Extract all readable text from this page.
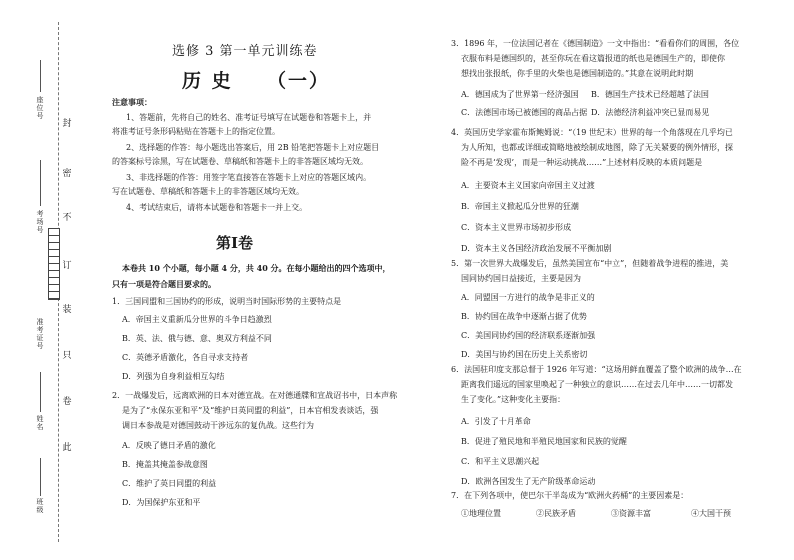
封
密
不
订
装
只
卷
此
座位号
考场号
准考证号
姓名
班级
选修 3 第一单元训练卷
历 史 （一）
注意事项：
1、答题前，先将自己的姓名、准考证号填写在试题卷和答题卡上，并
将准考证号条形码粘贴在答题卡上的指定位置。
2、选择题的作答：每小题选出答案后，用 2B 铅笔把答题卡上对应题目
的答案标号涂黑，写在试题卷、草稿纸和答题卡上的非答题区域均无效。
3、非选择题的作答：用签字笔直接答在答题卡上对应的答题区域内。
写在试题卷、草稿纸和答题卡上的非答题区域均无效。
4、考试结束后，请将本试题卷和答题卡一并上交。
第Ⅰ卷
本卷共 10 个小题，每小题 4 分，共 40 分。在每小题给出的四个选项中，
只有一项是符合题目要求的。
1．三国同盟和三国协约的形成，说明当时国际形势的主要特点是
A．帝国主义重新瓜分世界的斗争日趋激烈
B．英、法、俄与德、意、奥双方利益不同
C．英德矛盾激化，各自寻求支持者
D．列强为自身利益相互勾结
2．一战爆发后，远离欧洲的日本对德宣战。在对德通牒和宣战诏书中，日本声称
是为了“永保东亚和平”及“维护日英同盟的利益”，日本官相发表谈话，强
调日本参战是对德国鼓动干涉远东的复仇战。这些行为
A．反映了德日矛盾的激化
B．掩盖其掩盖参战意图
C．维护了英日同盟的利益
D．为国保护东亚和平
3．1896 年，一位法国记者在《德国制造》一文中指出：“看看你们的周围，各位
衣服布料是德国织的，甚至你玩在看这篇报道的纸也是德国生产的，即使你
想找出张报纸，你手里的火柴也是德国制造的。”其意在说明此时期
A．德国成为了世界第一经济强国 B．德国生产技术已经超越了法国
C．法德国市场已被德国的商品占据 D．法德经济利益冲突已显而易见
4．英国历史学家霍布斯鲍姆说：“（19 世纪末）世界的每一个角落现在几乎均已
为人所知，也都或详细或简略地被绘制成地图，除了无关紧要的例外情形，探
险不再是‘发现’，而是一种运动挑战……”上述材料反映的本质问题是
A．主要资本主义国家向帝国主义过渡
B．帝国主义掀起瓜分世界的狂潮
C．资本主义世界市场初步形成
D．资本主义各国经济政治发展不平衡加剧
5．第一次世界大战爆发后，虽然美国宣布“中立”，但随着战争进程的推进，美
国同协约国日益接近，主要是因为
A．同盟国一方进行的战争是非正义的
B．协约国在战争中逐渐占据了优势
C．美国同协约国的经济联系逐渐加强
D．美国与协约国在历史上关系密切
6．法国驻印度支那总督于 1926 年写道：“这场用鲜血覆盖了整个欧洲的战争…在
距离我们遥远的国家里唤起了一种独立的意识……在过去几年中……一切都发
生了变化。”这种变化主要指：
A．引发了十月革命
B．促进了殖民地和半殖民地国家和民族的觉醒
C．和平主义思潮兴起
D．欧洲各国发生了无产阶级革命运动
7．在下列各项中，使巴尔干半岛成为“欧洲火药桶”的主要因素是：
①地理位置	②民族矛盾	③资源丰富	④大国干预
